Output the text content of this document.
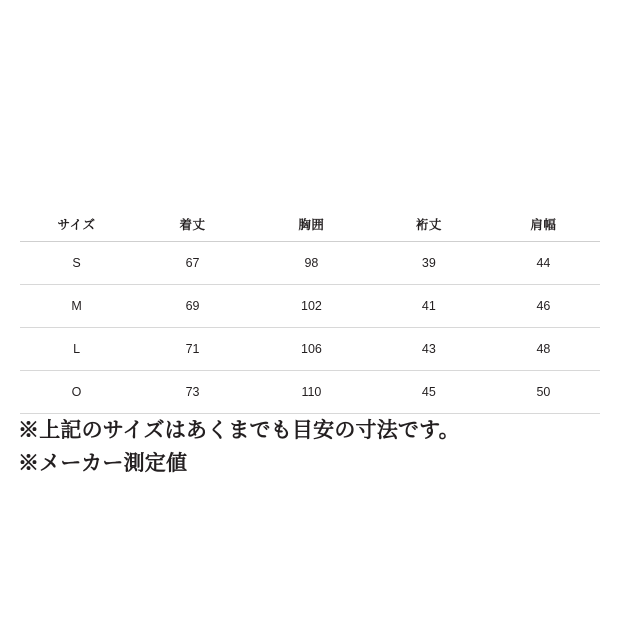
サイズ	着丈	胸囲	裄丈	肩幅
S	67	98	39	44
M	69	102	41	46
L	71	106	43	48
O	73	110	45	50
※上記のサイズはあくまでも目安の寸法です。
※メーカー測定値
